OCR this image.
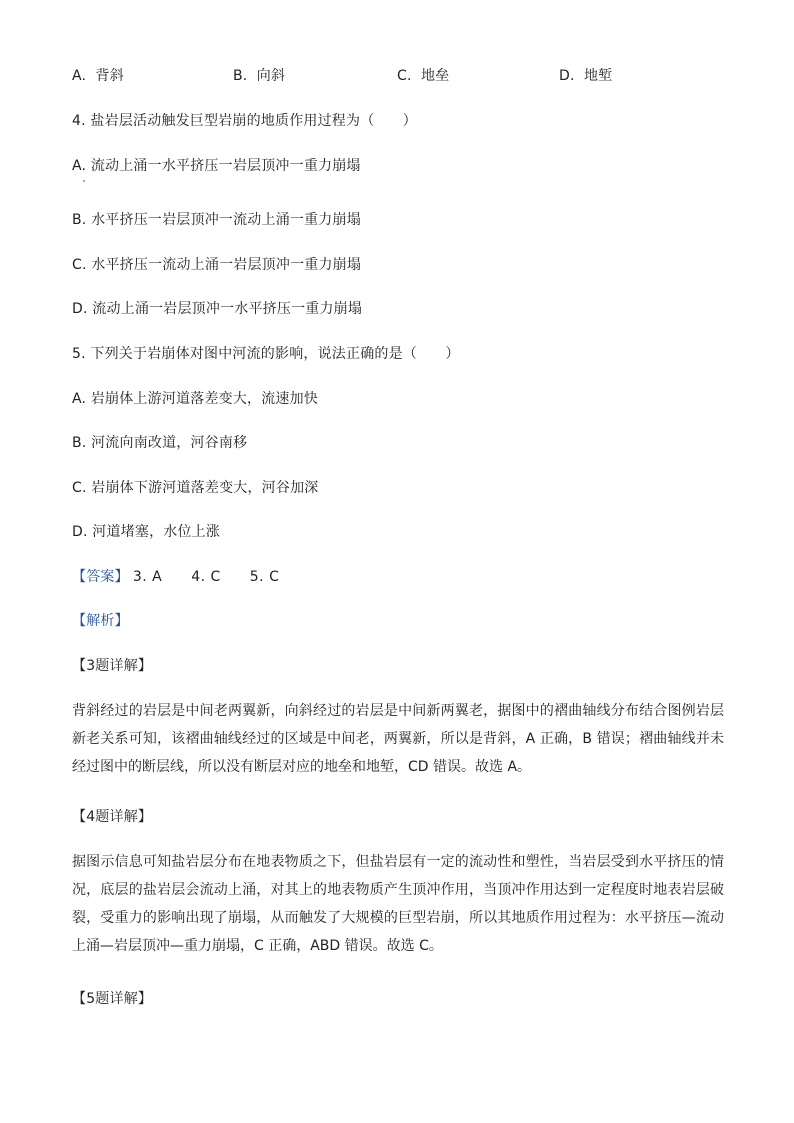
A. 背斜	B. 向斜	C. 地垒	D. 地堑
4. 盐岩层活动触发巨型岩崩的地质作用过程为（　　）
A. 流动上涌一水平挤压一岩层顶冲一重力崩塌
B. 水平挤压一岩层顶冲一流动上涌一重力崩塌
C. 水平挤压一流动上涌一岩层顶冲一重力崩塌
D. 流动上涌一岩层顶冲一水平挤压一重力崩塌
5. 下列关于岩崩体对图中河流的影响，说法正确的是（　　）
A. 岩崩体上游河道落差变大，流速加快
B. 河流向南改道，河谷南移
C. 岩崩体下游河道落差变大，河谷加深
D. 河道堵塞，水位上涨
【答案】 3. A　　4. C　　5. C
【解析】
【3题详解】
背斜经过的岩层是中间老两翼新，向斜经过的岩层是中间新两翼老，据图中的褶曲轴线分布结合图例岩层新老关系可知，该褶曲轴线经过的区域是中间老，两翼新，所以是背斜，A 正确，B 错误；褶曲轴线并未经过图中的断层线，所以没有断层对应的地垒和地堑，CD 错误。故选 A。
【4题详解】
据图示信息可知盐岩层分布在地表物质之下，但盐岩层有一定的流动性和塑性，当岩层受到水平挤压的情况，底层的盐岩层会流动上涌，对其上的地表物质产生顶冲作用，当顶冲作用达到一定程度时地表岩层破裂，受重力的影响出现了崩塌，从而触发了大规模的巨型岩崩，所以其地质作用过程为：水平挤压—流动上涌—岩层顶冲—重力崩塌，C 正确，ABD 错误。故选 C。
【5题详解】
